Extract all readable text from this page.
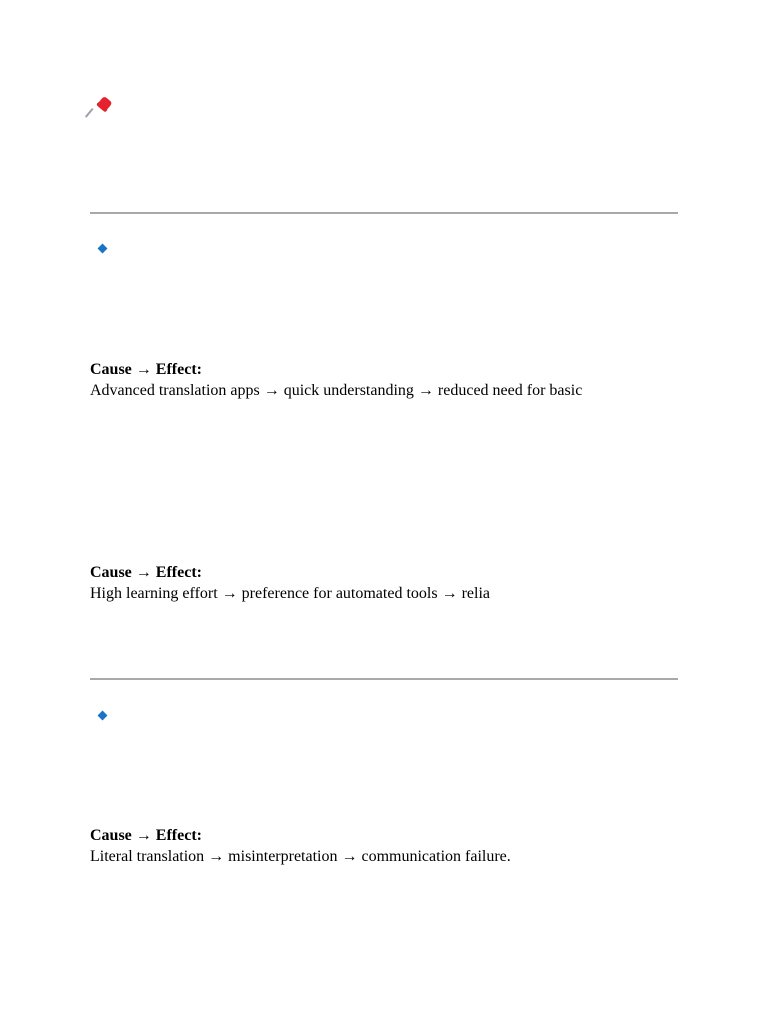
Cause → Effect:
Advanced translation apps → quick understanding → reduced need for basic
Cause → Effect:
High learning effort → preference for automated tools → relia
Cause → Effect:
Literal translation → misinterpretation → communication failure.
